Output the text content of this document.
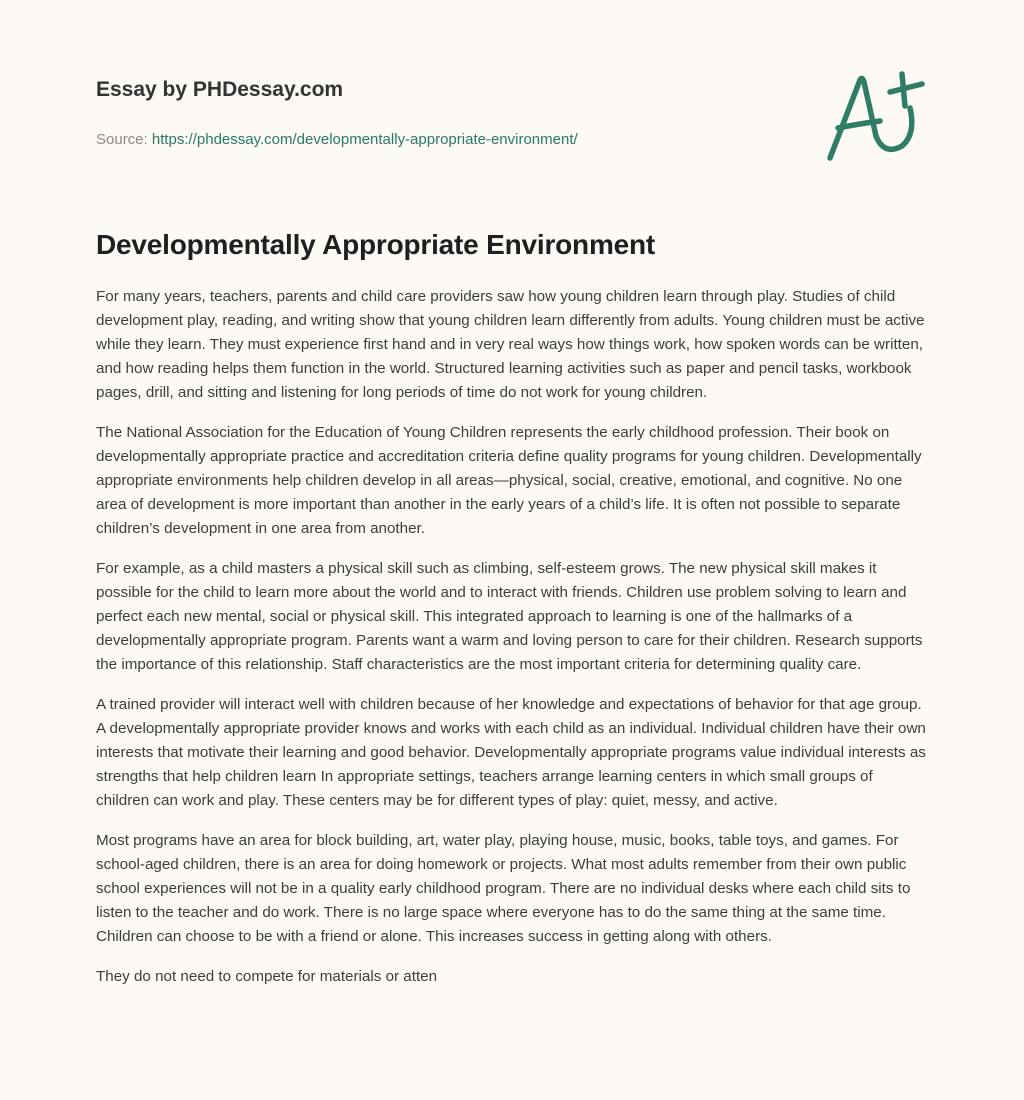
Essay by PHDessay.com
Source: https://phdessay.com/developmentally-appropriate-environment/
Developmentally Appropriate Environment

For many years, teachers, parents and child care providers saw how young children learn through play. Studies of child development play, reading, and writing show that young children learn differently from adults. Young children must be active while they learn. They must experience first hand and in very real ways how things work, how spoken words can be written, and how reading helps them function in the world. Structured learning activities such as paper and pencil tasks, workbook pages, drill, and sitting and listening for long periods of time do not work for young children.

The National Association for the Education of Young Children represents the early childhood profession. Their book on developmentally appropriate practice and accreditation criteria define quality programs for young children. Developmentally appropriate environments help children develop in all areas—physical, social, creative, emotional, and cognitive. No one area of development is more important than another in the early years of a child’s life. It is often not possible to separate children’s development in one area from another.

For example, as a child masters a physical skill such as climbing, self-esteem grows. The new physical skill makes it possible for the child to learn more about the world and to interact with friends. Children use problem solving to learn and perfect each new mental, social or physical skill. This integrated approach to learning is one of the hallmarks of a developmentally appropriate program. Parents want a warm and loving person to care for their children. Research supports the importance of this relationship. Staff characteristics are the most important criteria for determining quality care.

A trained provider will interact well with children because of her knowledge and expectations of behavior for that age group. A developmentally appropriate provider knows and works with each child as an individual. Individual children have their own interests that motivate their learning and good behavior. Developmentally appropriate programs value individual interests as strengths that help children learn In appropriate settings, teachers arrange learning centers in which small groups of children can work and play. These centers may be for different types of play: quiet, messy, and active.

Most programs have an area for block building, art, water play, playing house, music, books, table toys, and games. For school-aged children, there is an area for doing homework or projects. What most adults remember from their own public school experiences will not be in a quality early childhood program. There are no individual desks where each child sits to listen to the teacher and do work. There is no large space where everyone has to do the same thing at the same time. Children can choose to be with a friend or alone. This increases success in getting along with others.

They do not need to compete for materials or atten
